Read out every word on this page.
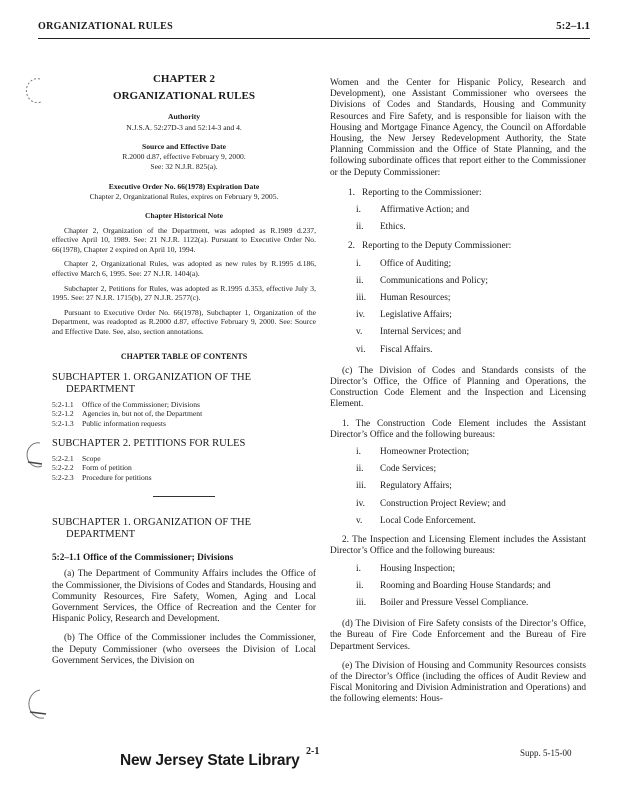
ORGANIZATIONAL RULES	5:2–1.1
CHAPTER 2
ORGANIZATIONAL RULES
Authority
N.J.S.A. 52:27D-3 and 52:14-3 and 4.
Source and Effective Date
R.2000 d.87, effective February 9, 2000.
See: 32 N.J.R. 825(a).
Executive Order No. 66(1978) Expiration Date
Chapter 2, Organizational Rules, expires on February 9, 2005.
Chapter Historical Note
Chapter 2, Organization of the Department, was adopted as R.1989 d.237, effective April 10, 1989. See: 21 N.J.R. 1122(a). Pursuant to Executive Order No. 66(1978), Chapter 2 expired on April 10, 1994.
Chapter 2, Organizational Rules, was adopted as new rules by R.1995 d.186, effective March 6, 1995. See: 27 N.J.R. 1404(a).
Subchapter 2, Petitions for Rules, was adopted as R.1995 d.353, effective July 3, 1995. See: 27 N.J.R. 1715(b), 27 N.J.R. 2577(c).
Pursuant to Executive Order No. 66(1978), Subchapter 1, Organization of the Department, was readopted as R.2000 d.87, effective February 9, 2000. See: Source and Effective Date. See, also, section annotations.
CHAPTER TABLE OF CONTENTS
SUBCHAPTER 1. ORGANIZATION OF THE DEPARTMENT
5:2-1.1	Office of the Commissioner; Divisions
5:2-1.2	Agencies in, but not of, the Department
5:2-1.3	Public information requests
SUBCHAPTER 2. PETITIONS FOR RULES
5:2-2.1	Scope
5:2-2.2	Form of petition
5:2-2.3	Procedure for petitions
SUBCHAPTER 1. ORGANIZATION OF THE DEPARTMENT
5:2–1.1 Office of the Commissioner; Divisions
(a) The Department of Community Affairs includes the Office of the Commissioner, the Divisions of Codes and Standards, Housing and Community Resources, Fire Safety, Women, Aging and Local Government Services, the Office of Recreation and the Center for Hispanic Policy, Research and Development.
(b) The Office of the Commissioner includes the Commissioner, the Deputy Commissioner (who oversees the Division of Local Government Services, the Division on
Women and the Center for Hispanic Policy, Research and Development), one Assistant Commissioner who oversees the Divisions of Codes and Standards, Housing and Community Resources and Fire Safety, and is responsible for liaison with the Housing and Mortgage Finance Agency, the Council on Affordable Housing, the New Jersey Redevelopment Authority, the State Planning Commission and the Office of State Planning, and the following subordinate offices that report either to the Commissioner or the Deputy Commissioner:
1. Reporting to the Commissioner:
i.	Affirmative Action; and
ii.	Ethics.
2. Reporting to the Deputy Commissioner:
i.	Office of Auditing;
ii.	Communications and Policy;
iii.	Human Resources;
iv.	Legislative Affairs;
v.	Internal Services; and
vi.	Fiscal Affairs.
(c) The Division of Codes and Standards consists of the Director’s Office, the Office of Planning and Operations, the Construction Code Element and the Inspection and Licensing Element.
1. The Construction Code Element includes the Assistant Director’s Office and the following bureaus:
i.	Homeowner Protection;
ii.	Code Services;
iii.	Regulatory Affairs;
iv.	Construction Project Review; and
v.	Local Code Enforcement.
2. The Inspection and Licensing Element includes the Assistant Director’s Office and the following bureaus:
i.	Housing Inspection;
ii.	Rooming and Boarding House Standards; and
iii.	Boiler and Pressure Vessel Compliance.
(d) The Division of Fire Safety consists of the Director’s Office, the Bureau of Fire Code Enforcement and the Bureau of Fire Department Services.
(e) The Division of Housing and Community Resources consists of the Director’s Office (including the offices of Audit Review and Fiscal Monitoring and Division Administration and Operations) and the following elements: Hous-
New Jersey State Library
2-1	Supp. 5-15-00
